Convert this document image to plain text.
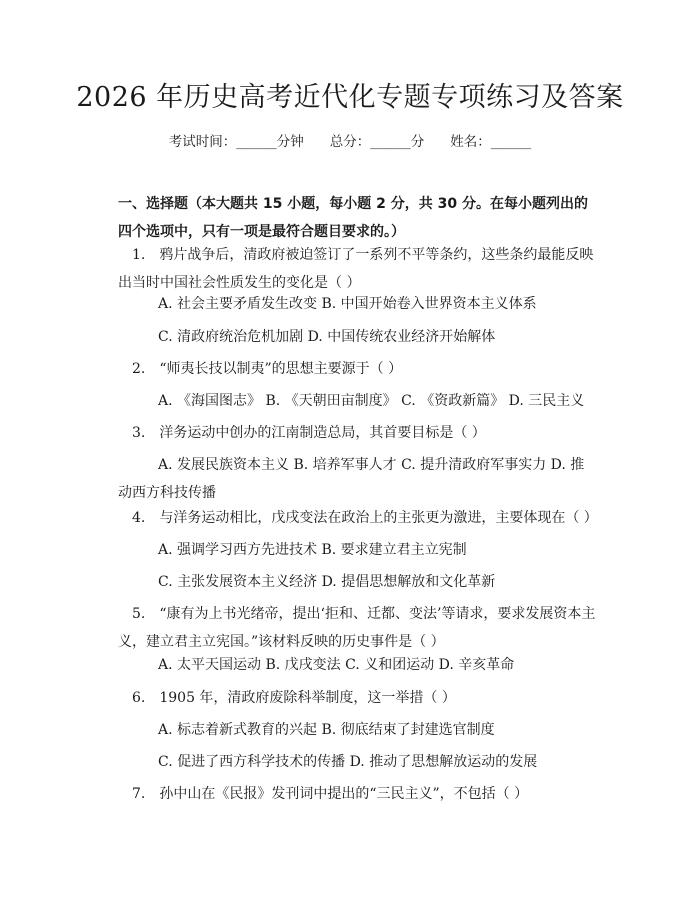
2026 年历史高考近代化专题专项练习及答案
考试时间：______分钟 总分：______分 姓名：______
一、选择题（本大题共 15 小题，每小题 2 分，共 30 分。在每小题列出的四个选项中，只有一项是最符合题目要求的。）
1.　鸦片战争后，清政府被迫签订了一系列不平等条约，这些条约最能反映出当时中国社会性质发生的变化是（ ）
A. 社会主要矛盾发生改变 B. 中国开始卷入世界资本主义体系
C. 清政府统治危机加剧 D. 中国传统农业经济开始解体
2.　“师夷长技以制夷”的思想主要源于（ ）
A. 《海国图志》 B. 《天朝田亩制度》 C. 《资政新篇》 D. 三民主义
3.　洋务运动中创办的江南制造总局，其首要目标是（ ）
A. 发展民族资本主义 B. 培养军事人才 C. 提升清政府军事实力 D. 推动西方科技传播
4.　与洋务运动相比，戊戌变法在政治上的主张更为激进，主要体现在（ ）
A. 强调学习西方先进技术 B. 要求建立君主立宪制
C. 主张发展资本主义经济 D. 提倡思想解放和文化革新
5.　“康有为上书光绪帝，提出‘拒和、迁都、变法’等请求，要求发展资本主义，建立君主立宪国。”该材料反映的历史事件是（ ）
A. 太平天国运动 B. 戊戌变法 C. 义和团运动 D. 辛亥革命
6.　1905 年，清政府废除科举制度，这一举措（ ）
A. 标志着新式教育的兴起 B. 彻底结束了封建选官制度
C. 促进了西方科学技术的传播 D. 推动了思想解放运动的发展
7.　孙中山在《民报》发刊词中提出的“三民主义”，不包括（ ）
